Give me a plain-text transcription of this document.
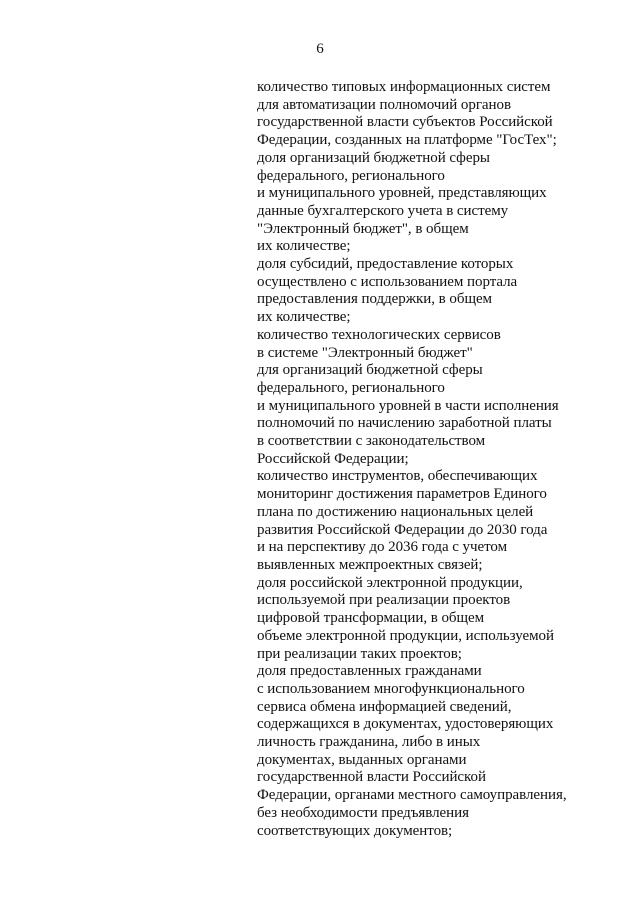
6
количество типовых информационных систем
для автоматизации полномочий органов
государственной власти субъектов Российской
Федерации, созданных на платформе "ГосТех";
доля организаций бюджетной сферы
федерального, регионального
и муниципального уровней, представляющих
данные бухгалтерского учета в систему
"Электронный бюджет", в общем
их количестве;
доля субсидий, предоставление которых
осуществлено с использованием портала
предоставления поддержки, в общем
их количестве;
количество технологических сервисов
в системе "Электронный бюджет"
для организаций бюджетной сферы
федерального, регионального
и муниципального уровней в части исполнения
полномочий по начислению заработной платы
в соответствии с законодательством
Российской Федерации;
количество инструментов, обеспечивающих
мониторинг достижения параметров Единого
плана по достижению национальных целей
развития Российской Федерации до 2030 года
и на перспективу до 2036 года с учетом
выявленных межпроектных связей;
доля российской электронной продукции,
используемой при реализации проектов
цифровой трансформации, в общем
объеме электронной продукции, используемой
при реализации таких проектов;
доля предоставленных гражданами
с использованием многофункционального
сервиса обмена информацией сведений,
содержащихся в документах, удостоверяющих
личность гражданина, либо в иных
документах, выданных органами
государственной власти Российской
Федерации, органами местного самоуправления,
без необходимости предъявления
соответствующих документов;
